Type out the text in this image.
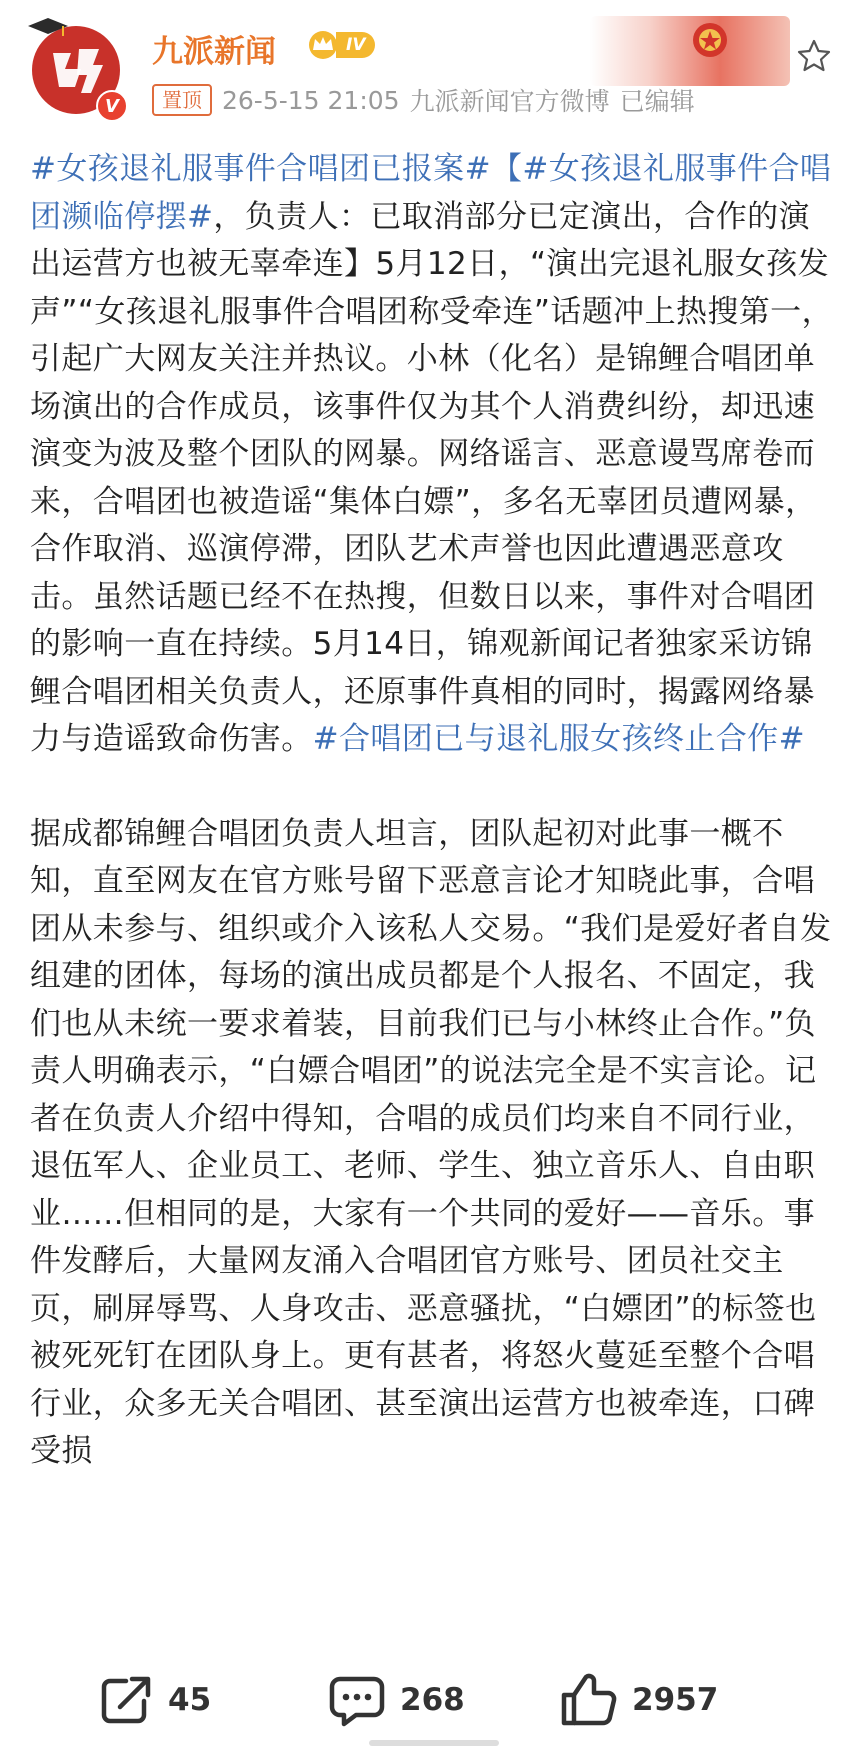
V
九派新闻	IV
置顶 26-5-15 21:05 九派新闻官方微博 已编辑

#女孩退礼服事件合唱团已报案#【#女孩退礼服事件合唱团濒临停摆#，负责人：已取消部分已定演出，合作的演出运营方也被无辜牵连】5月12日，“演出完退礼服女孩发声”“女孩退礼服事件合唱团称受牵连”话题冲上热搜第一，引起广大网友关注并热议。小林（化名）是锦鲤合唱团单场演出的合作成员，该事件仅为其个人消费纠纷，却迅速演变为波及整个团队的网暴。网络谣言、恶意谩骂席卷而来，合唱团也被造谣“集体白嫖”，多名无辜团员遭网暴，合作取消、巡演停滞，团队艺术声誉也因此遭遇恶意攻击。虽然话题已经不在热搜，但数日以来，事件对合唱团的影响一直在持续。5月14日，锦观新闻记者独家采访锦鲤合唱团相关负责人，还原事件真相的同时，揭露网络暴力与造谣致命伤害。#合唱团已与退礼服女孩终止合作#

据成都锦鲤合唱团负责人坦言，团队起初对此事一概不知，直至网友在官方账号留下恶意言论才知晓此事，合唱团从未参与、组织或介入该私人交易。“我们是爱好者自发组建的团体，每场的演出成员都是个人报名、不固定，我们也从未统一要求着装，目前我们已与小林终止合作。”负责人明确表示，“白嫖合唱团”的说法完全是不实言论。记者在负责人介绍中得知，合唱的成员们均来自不同行业，退伍军人、企业员工、老师、学生、独立音乐人、自由职业……但相同的是，大家有一个共同的爱好——音乐。事件发酵后，大量网友涌入合唱团官方账号、团员社交主页，刷屏辱骂、人身攻击、恶意骚扰，“白嫖团”的标签也被死死钉在团队身上。更有甚者，将怒火蔓延至整个合唱行业，众多无关合唱团、甚至演出运营方也被牵连，口碑受损

45	268	2957
